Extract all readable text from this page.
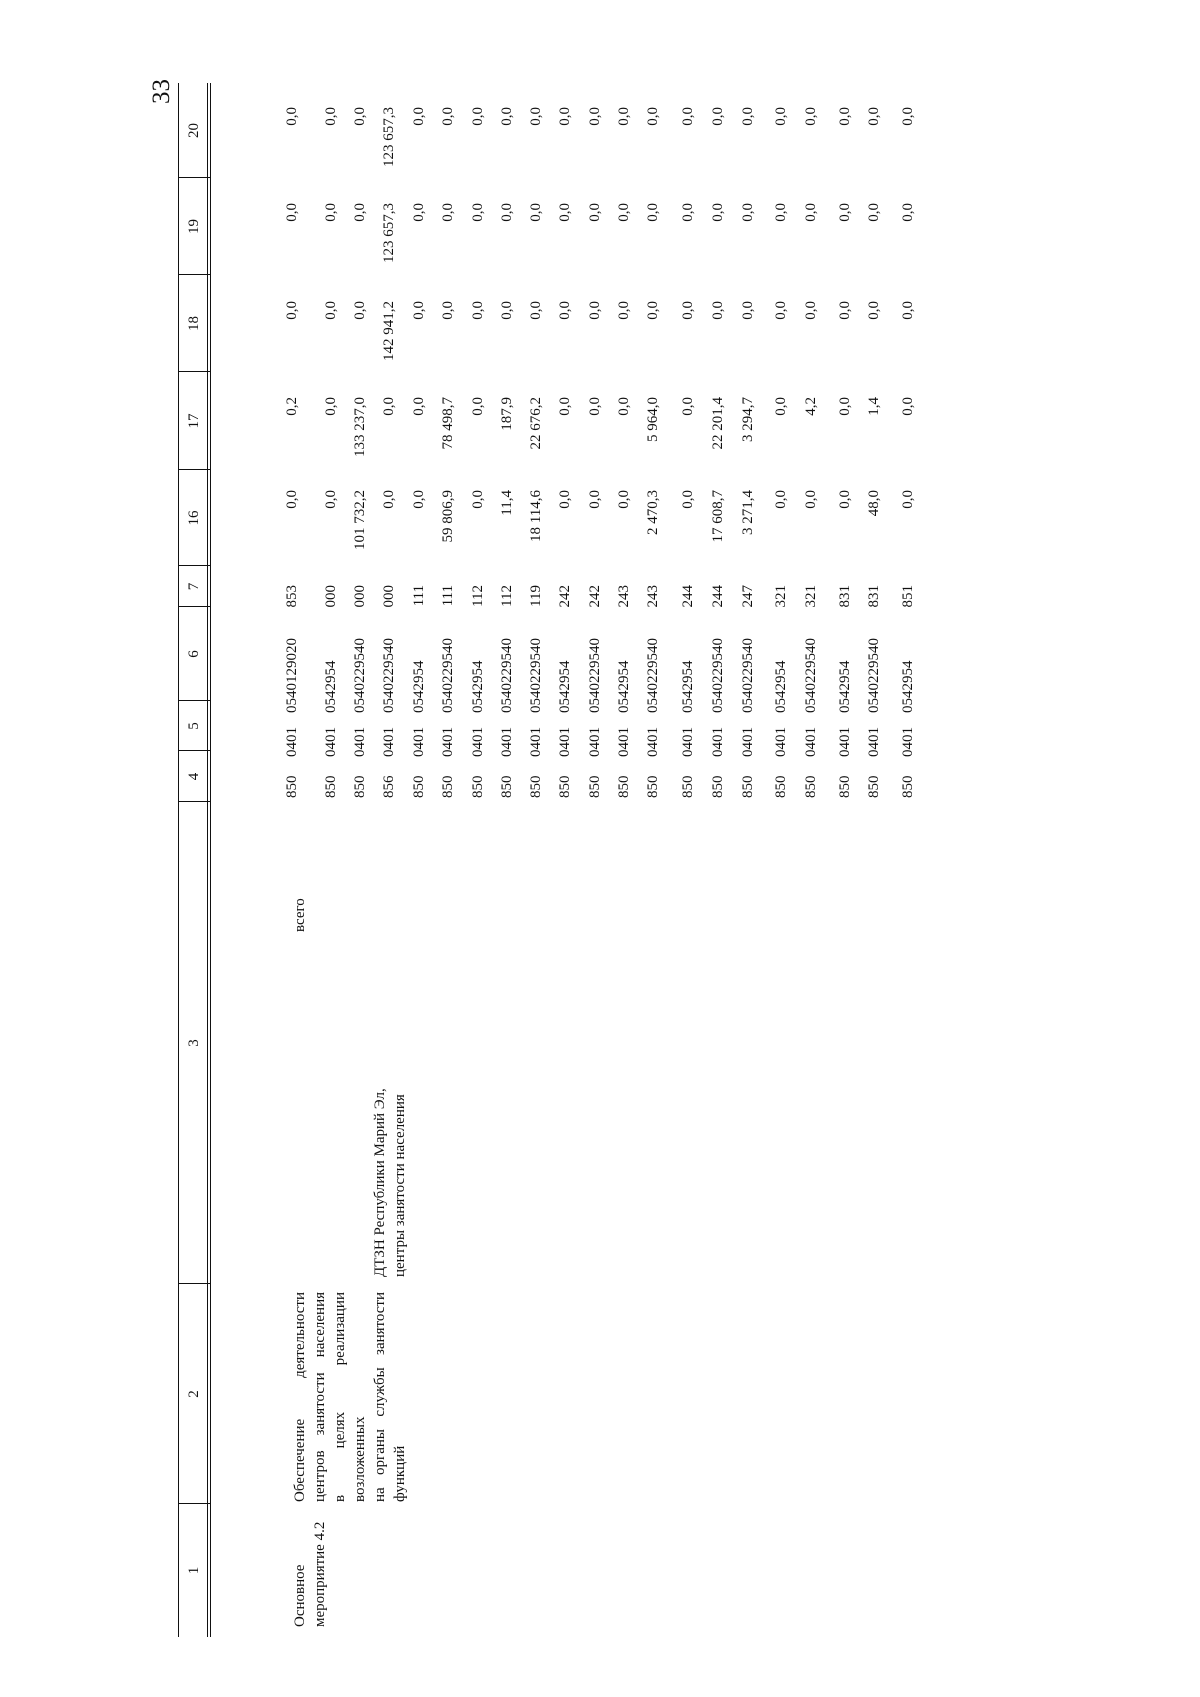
33
1
2
3
4
5
6
7
16
17
18
19
20
Основное мероприятие 4.2
Обеспечение деятельности центров занятости населения в целях реализации возложенных на органы службы занятости функций
всего
ДТЗН Республики Марий Эл, центры занятости населения
850
0401
0540129020
853
0,0
0,2
0,0
0,0
0,0
850
0401
0542954
000
0,0
0,0
0,0
0,0
0,0
850
0401
0540229540
000
101 732,2
133 237,0
0,0
0,0
0,0
856
0401
0540229540
000
0,0
0,0
142 941,2
123 657,3
123 657,3
850
0401
0542954
111
0,0
0,0
0,0
0,0
0,0
850
0401
0540229540
111
59 806,9
78 498,7
0,0
0,0
0,0
850
0401
0542954
112
0,0
0,0
0,0
0,0
0,0
850
0401
0540229540
112
11,4
187,9
0,0
0,0
0,0
850
0401
0540229540
119
18 114,6
22 676,2
0,0
0,0
0,0
850
0401
0542954
242
0,0
0,0
0,0
0,0
0,0
850
0401
0540229540
242
0,0
0,0
0,0
0,0
0,0
850
0401
0542954
243
0,0
0,0
0,0
0,0
0,0
850
0401
0540229540
243
2 470,3
5 964,0
0,0
0,0
0,0
850
0401
0542954
244
0,0
0,0
0,0
0,0
0,0
850
0401
0540229540
244
17 608,7
22 201,4
0,0
0,0
0,0
850
0401
0540229540
247
3 271,4
3 294,7
0,0
0,0
0,0
850
0401
0542954
321
0,0
0,0
0,0
0,0
0,0
850
0401
0540229540
321
0,0
4,2
0,0
0,0
0,0
850
0401
0542954
831
0,0
0,0
0,0
0,0
0,0
850
0401
0540229540
831
48,0
1,4
0,0
0,0
0,0
850
0401
0542954
851
0,0
0,0
0,0
0,0
0,0
